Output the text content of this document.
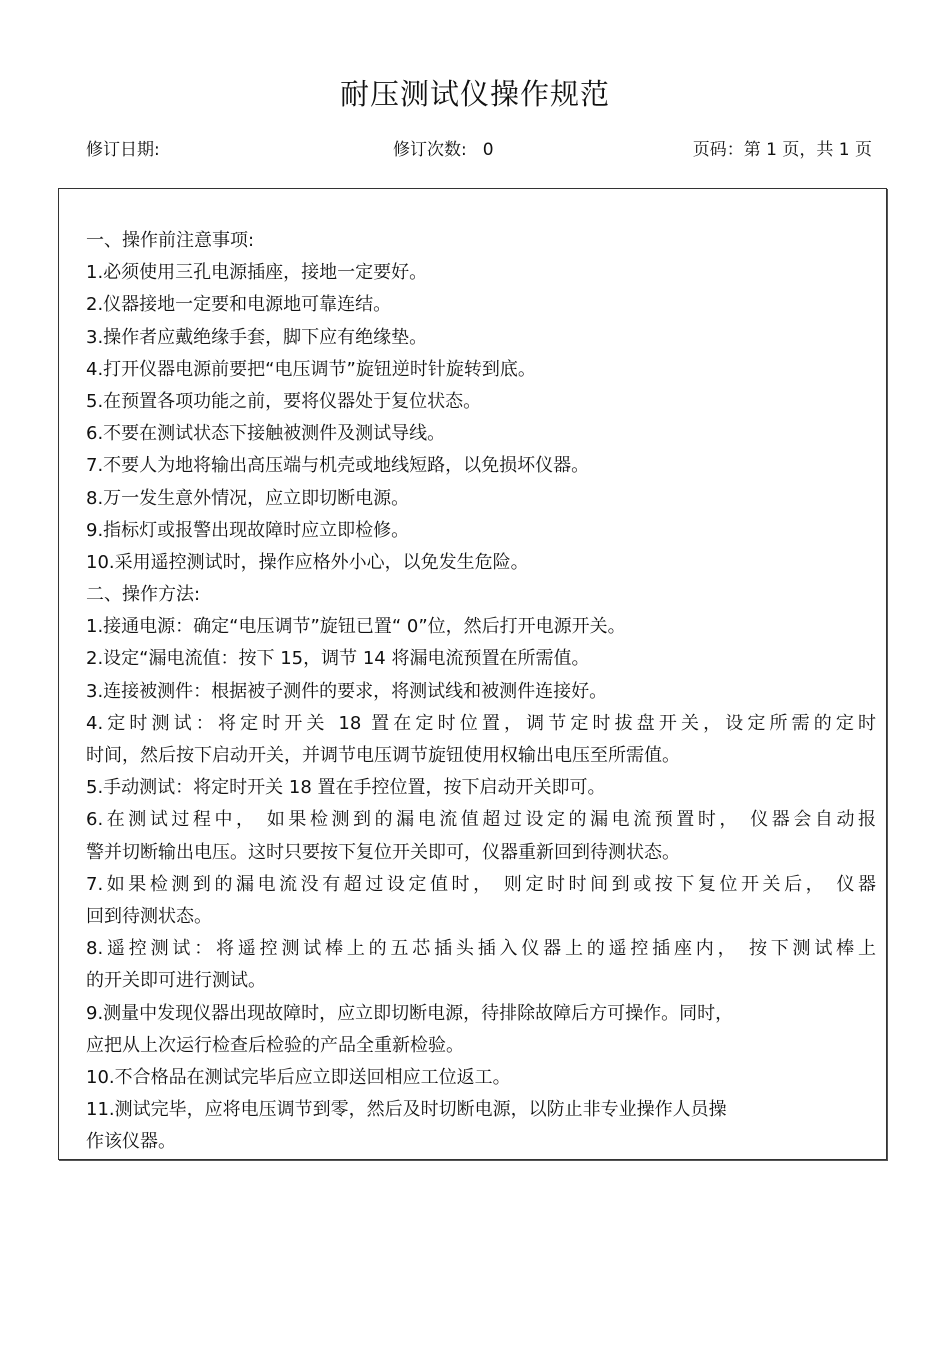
耐压测试仪操作规范
修订日期:	修订次数: 0	页码：第 1 页，共 1 页
一、操作前注意事项:
1.必须使用三孔电源插座，接地一定要好。
2.仪器接地一定要和电源地可靠连结。
3.操作者应戴绝缘手套，脚下应有绝缘垫。
4.打开仪器电源前要把“电压调节”旋钮逆时针旋转到底。
5.在预置各项功能之前，要将仪器处于复位状态。
6.不要在测试状态下接触被测件及测试导线。
7.不要人为地将输出高压端与机壳或地线短路，以免损坏仪器。
8.万一发生意外情况，应立即切断电源。
9.指标灯或报警出现故障时应立即检修。
10.采用遥控测试时，操作应格外小心，以免发生危险。
二、操作方法:
1.接通电源：确定“电压调节”旋钮已置“ 0”位，然后打开电源开关。
2.设定“漏电流值：按下 15，调节 14 将漏电流预置在所需值。
3.连接被测件：根据被子测件的要求，将测试线和被测件连接好。
4.定时测试：将定时开关 18 置在定时位置，调节定时拔盘开关，设定所需的定时
时间，然后按下启动开关，并调节电压调节旋钮使用权输出电压至所需值。
5.手动测试：将定时开关 18 置在手控位置，按下启动开关即可。
6.在测试过程中， 如果检测到的漏电流值超过设定的漏电流预置时， 仪器会自动报
警并切断输出电压。这时只要按下复位开关即可，仪器重新回到待测状态。
7.如果检测到的漏电流没有超过设定值时， 则定时时间到或按下复位开关后， 仪器
回到待测状态。
8.遥控测试：将遥控测试棒上的五芯插头插入仪器上的遥控插座内， 按下测试棒上
的开关即可进行测试。
9.测量中发现仪器出现故障时，应立即切断电源，待排除故障后方可操作。同时，
应把从上次运行检查后检验的产品全重新检验。
10.不合格品在测试完毕后应立即送回相应工位返工。
11.测试完毕，应将电压调节到零，然后及时切断电源，以防止非专业操作人员操
作该仪器。
